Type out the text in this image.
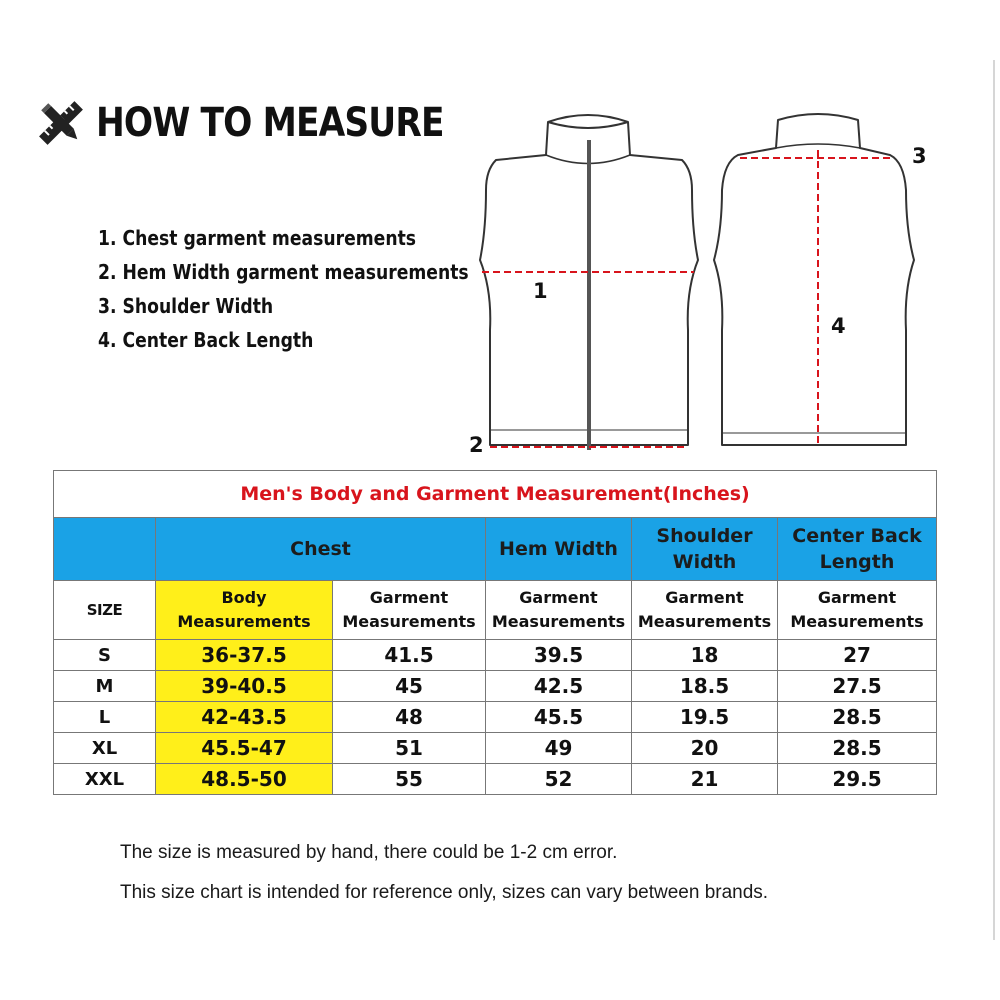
HOW TO MEASURE
1. Chest garment measurements
2. Hem Width garment measurements
3. Shoulder Width
4. Center Back Length
1
2
3
4
Men's Body and Garment Measurement(Inches)					
	Chest		Hem Width	Shoulder Width	Center Back Length
SIZE	Body Measurements	Garment Measurements	Garment Measurements	Garment Measurements	Garment Measurements
S	36-37.5	41.5	39.5	18	27
M	39-40.5	45	42.5	18.5	27.5
L	42-43.5	48	45.5	19.5	28.5
XL	45.5-47	51	49	20	28.5
XXL	48.5-50	55	52	21	29.5

The size is measured by hand, there could be 1-2 cm error.

This size chart is intended for reference only, sizes can vary between brands.
